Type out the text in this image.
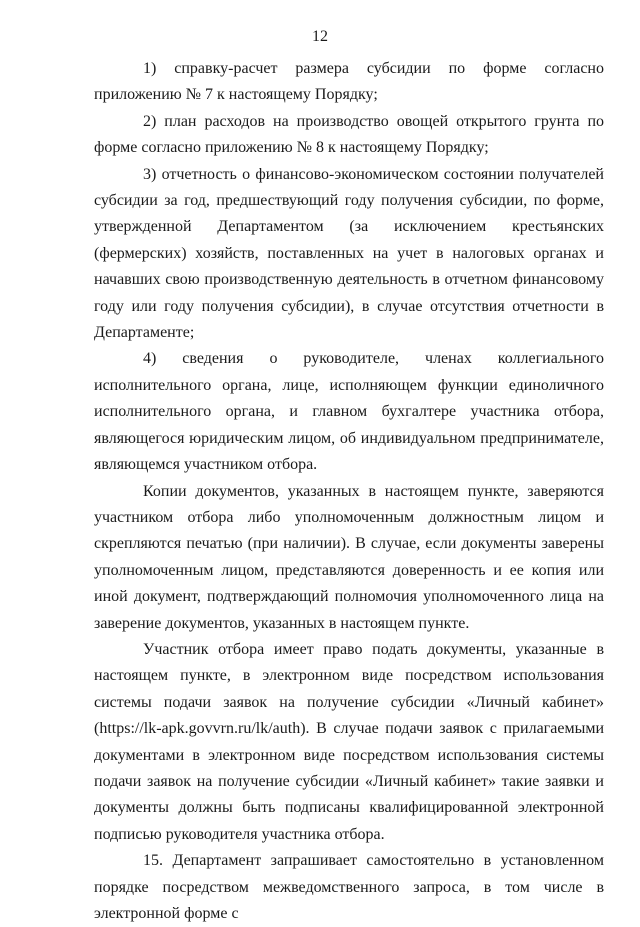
12

1) справку-расчет размера субсидии по форме согласно приложению № 7 к настоящему Порядку;

2) план расходов на производство овощей открытого грунта по форме согласно приложению № 8 к настоящему Порядку;

3) отчетность о финансово-экономическом состоянии получателей субсидии за год, предшествующий году получения субсидии, по форме, утвержденной Департаментом (за исключением крестьянских (фермерских) хозяйств, поставленных на учет в налоговых органах и начавших свою производственную деятельность в отчетном финансовому году или году получения субсидии), в случае отсутствия отчетности в Департаменте;

4) сведения о руководителе, членах коллегиального исполнительного органа, лице, исполняющем функции единоличного исполнительного органа, и главном бухгалтере участника отбора, являющегося юридическим лицом, об индивидуальном предпринимателе, являющемся участником отбора.

Копии документов, указанных в настоящем пункте, заверяются участником отбора либо уполномоченным должностным лицом и скрепляются печатью (при наличии). В случае, если документы заверены уполномоченным лицом, представляются доверенность и ее копия или иной документ, подтверждающий полномочия уполномоченного лица на заверение документов, указанных в настоящем пункте.

Участник отбора имеет право подать документы, указанные в настоящем пункте, в электронном виде посредством использования системы подачи заявок на получение субсидии «Личный кабинет» (https://lk-apk.govvrn.ru/lk/auth). В случае подачи заявок с прилагаемыми документами в электронном виде посредством использования системы подачи заявок на получение субсидии «Личный кабинет» такие заявки и документы должны быть подписаны квалифицированной электронной подписью руководителя участника отбора.

15. Департамент запрашивает самостоятельно в установленном порядке посредством межведомственного запроса, в том числе в электронной форме с
